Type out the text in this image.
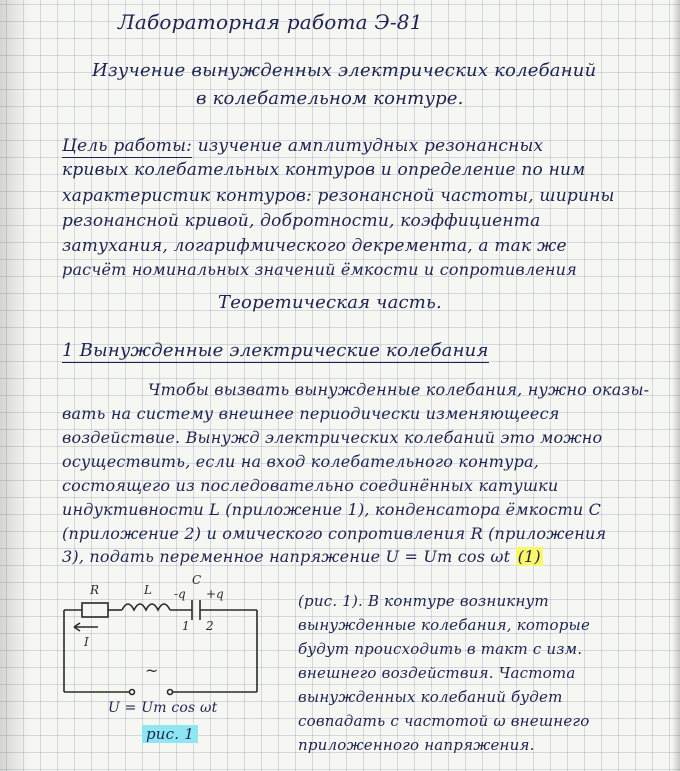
Лабораторная работа Э-81
Изучение вынужденных электрических колебаний
в колебательном контуре.
Цель работы: изучение амплитудных резонансных
кривых колебательных контуров и определение по ним
характеристик контуров: резонансной частоты, ширины
резонансной кривой, добротности, коэффициента
затухания, логарифмического декремента, а так же
расчёт номинальных значений ёмкости и сопротивления
Теоретическая часть.
1 Вынужденные электрические колебания
Чтобы вызвать вынужденные колебания, нужно оказы-
вать на систему внешнее периодически изменяющееся
воздействие. Вынужд электрических колебаний это можно
осуществить, если на вход колебательного контура,
состоящего из последовательно соединённых катушки
индуктивности L (приложение 1), конденсатора ёмкости C
(приложение 2) и омического сопротивления R (приложения
3), подать переменное напряжение U = Um cos ωt (1)
R	L
C
-q +q
1 2
I
~
U = Um cos ωt
рис. 1
(рис. 1). В контуре возникнут
вынужденные колебания, которые
будут происходить в такт с изм.
внешнего воздействия. Частота
вынужденных колебаний будет
совпадать с частотой ω внешнего
приложенного напряжения.
